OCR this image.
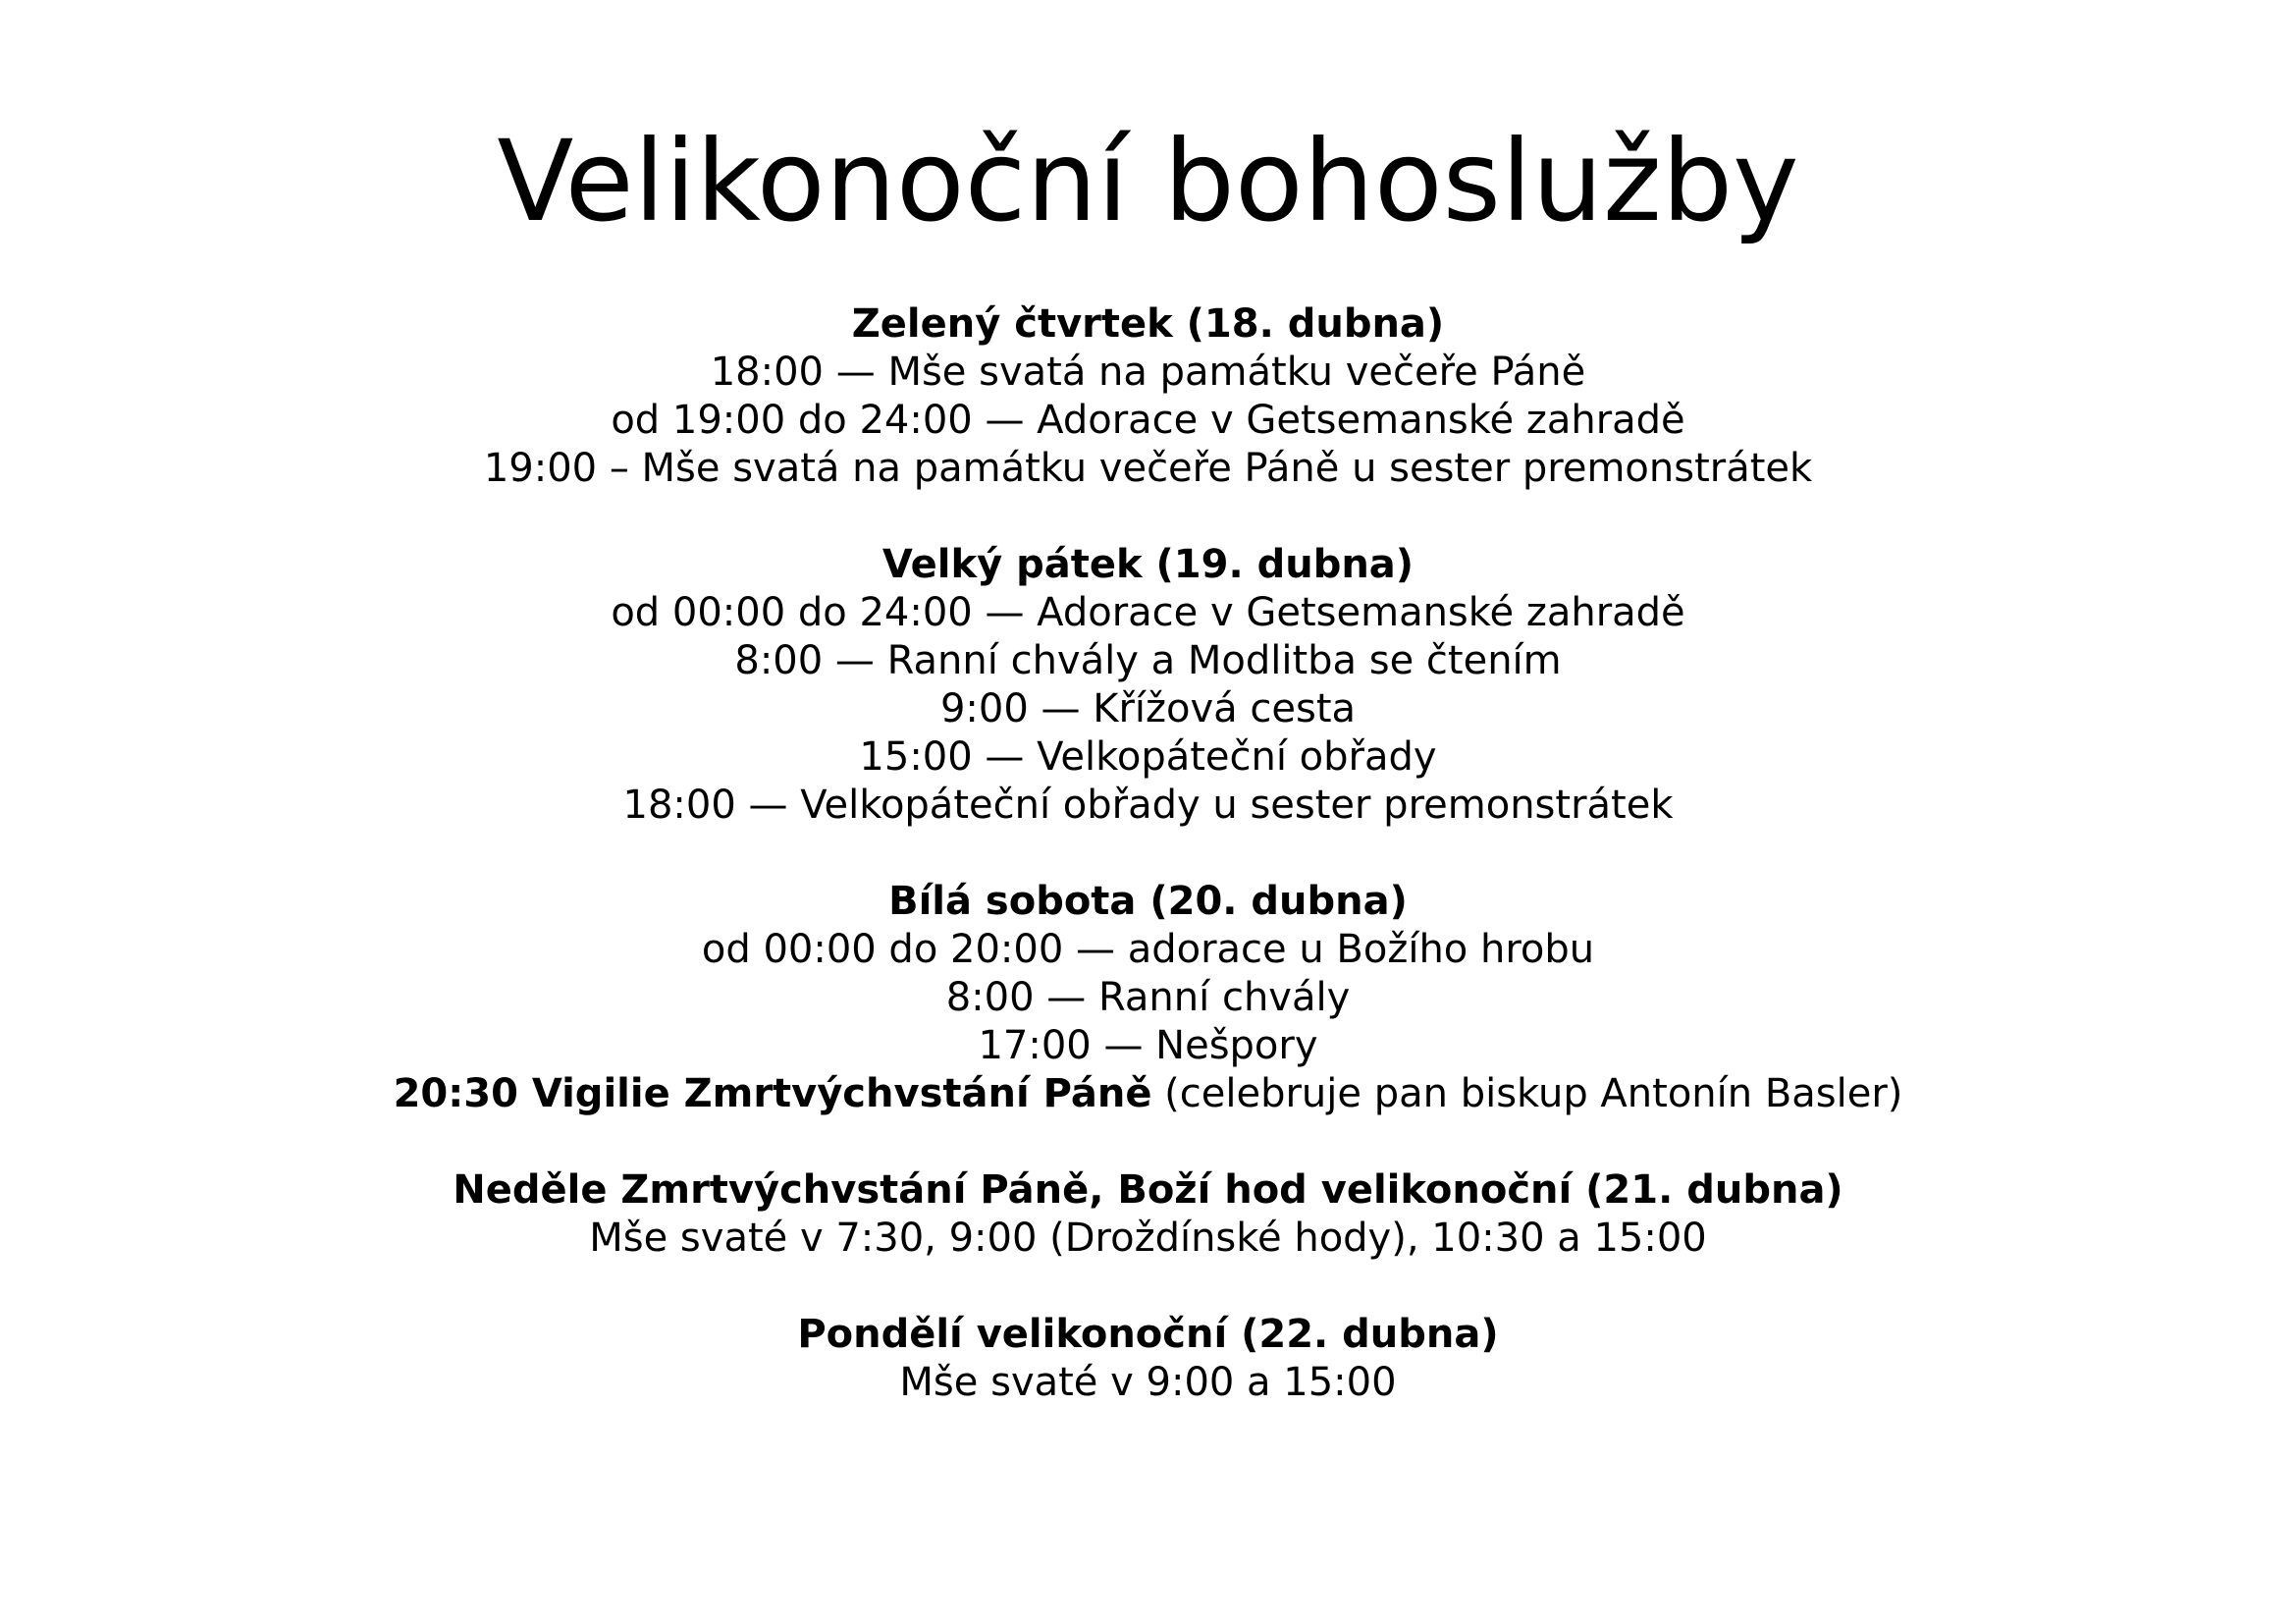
Velikonoční bohoslužby

Zelený čtvrtek (18. dubna)

18:00 — Mše svatá na památku večeře Páně

od 19:00 do 24:00 — Adorace v Getsemanské zahradě

19:00 – Mše svatá na památku večeře Páně u sester premonstrátek

Velký pátek (19. dubna)

od 00:00 do 24:00 — Adorace v Getsemanské zahradě

8:00 — Ranní chvály a Modlitba se čtením

9:00 — Křížová cesta

15:00 — Velkopáteční obřady

18:00 — Velkopáteční obřady u sester premonstrátek

Bílá sobota (20. dubna)

od 00:00 do 20:00 — adorace u Božího hrobu

8:00 — Ranní chvály

17:00 — Nešpory

20:30 Vigilie Zmrtvýchvstání Páně (celebruje pan biskup Antonín Basler)

Neděle Zmrtvýchvstání Páně, Boží hod velikonoční (21. dubna)

Mše svaté v 7:30, 9:00 (Droždínské hody), 10:30 a 15:00

Pondělí velikonoční (22. dubna)

Mše svaté v 9:00 a 15:00
